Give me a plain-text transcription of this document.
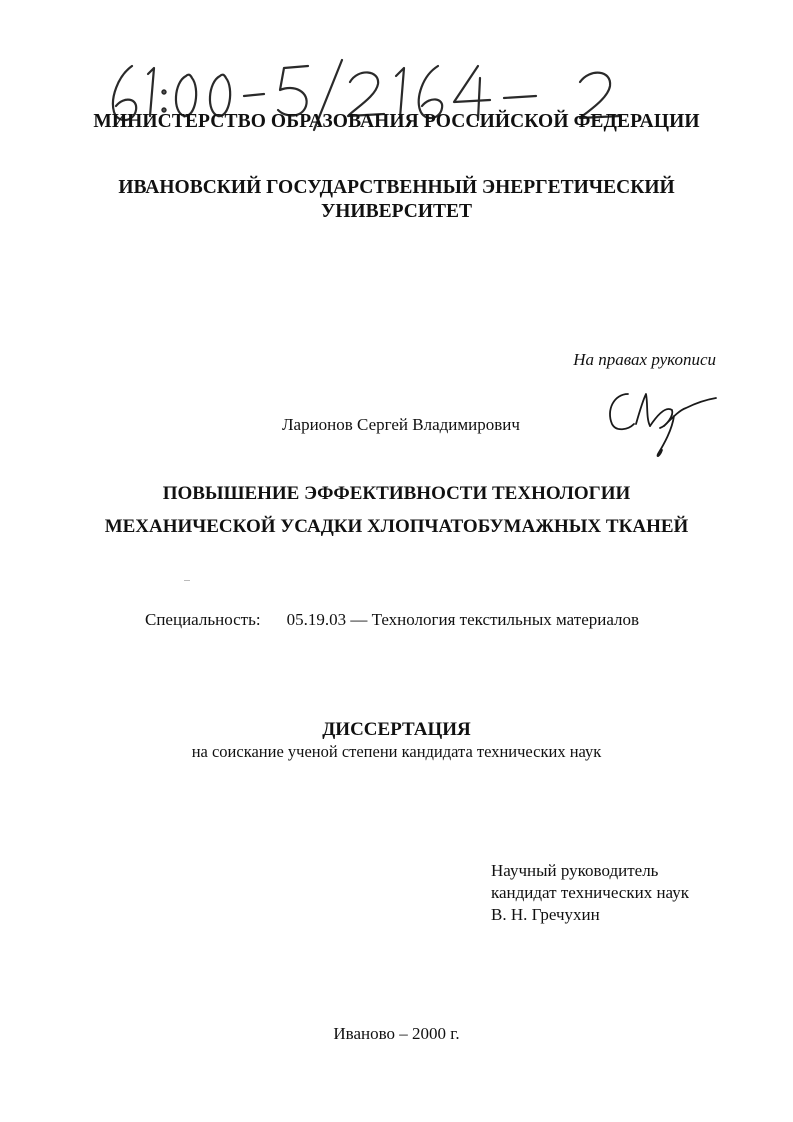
МИНИСТЕРСТВО ОБРАЗОВАНИЯ РОССИЙСКОЙ ФЕДЕРАЦИИ

ИВАНОВСКИЙ ГОСУДАРСТВЕННЫЙ ЭНЕРГЕТИЧЕСКИЙ
УНИВЕРСИТЕТ

На правах рукописи

Ларионов Сергей Владимирович

ПОВЫШЕНИЕ ЭФФЕКТИВНОСТИ ТЕХНОЛОГИИ
МЕХАНИЧЕСКОЙ УСАДКИ ХЛОПЧАТОБУМАЖНЫХ ТКАНЕЙ

Специальность: 05.19.03 — Технология текстильных материалов

ДИССЕРТАЦИЯ

на соискание ученой степени кандидата технических наук

Научный руководитель
кандидат технических наук
В. Н. Гречухин

Иваново – 2000 г.
